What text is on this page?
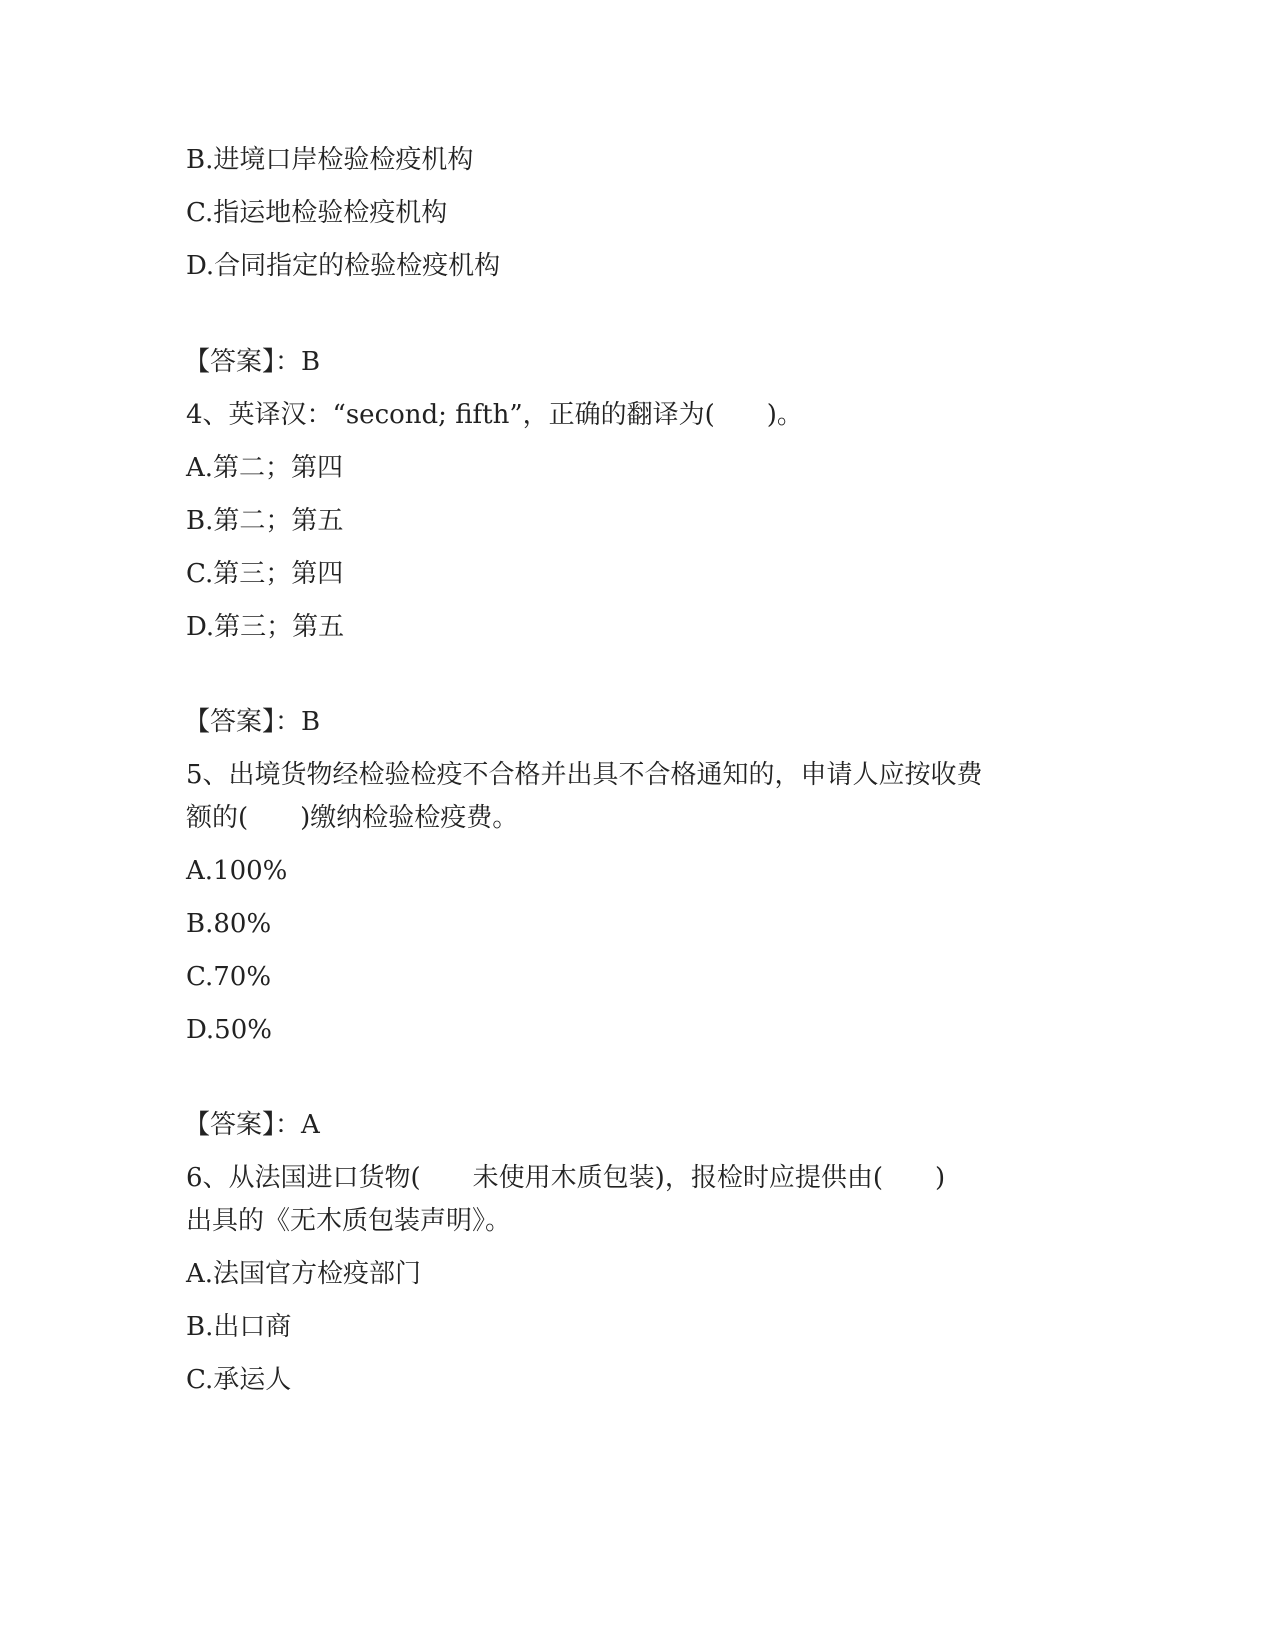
B.进境口岸检验检疫机构
C.指运地检验检疫机构
D.合同指定的检验检疫机构
【答案】：B
4、英译汉：“second; fifth”，正确的翻译为(　　)。
A.第二；第四
B.第二；第五
C.第三；第四
D.第三；第五
【答案】：B
5、出境货物经检验检疫不合格并出具不合格通知的，申请人应按收费
额的(　　)缴纳检验检疫费。
A.100%
B.80%
C.70%
D.50%
【答案】：A
6、从法国进口货物(　　未使用木质包装)，报检时应提供由(　　)
出具的《无木质包装声明》。
A.法国官方检疫部门
B.出口商
C.承运人
